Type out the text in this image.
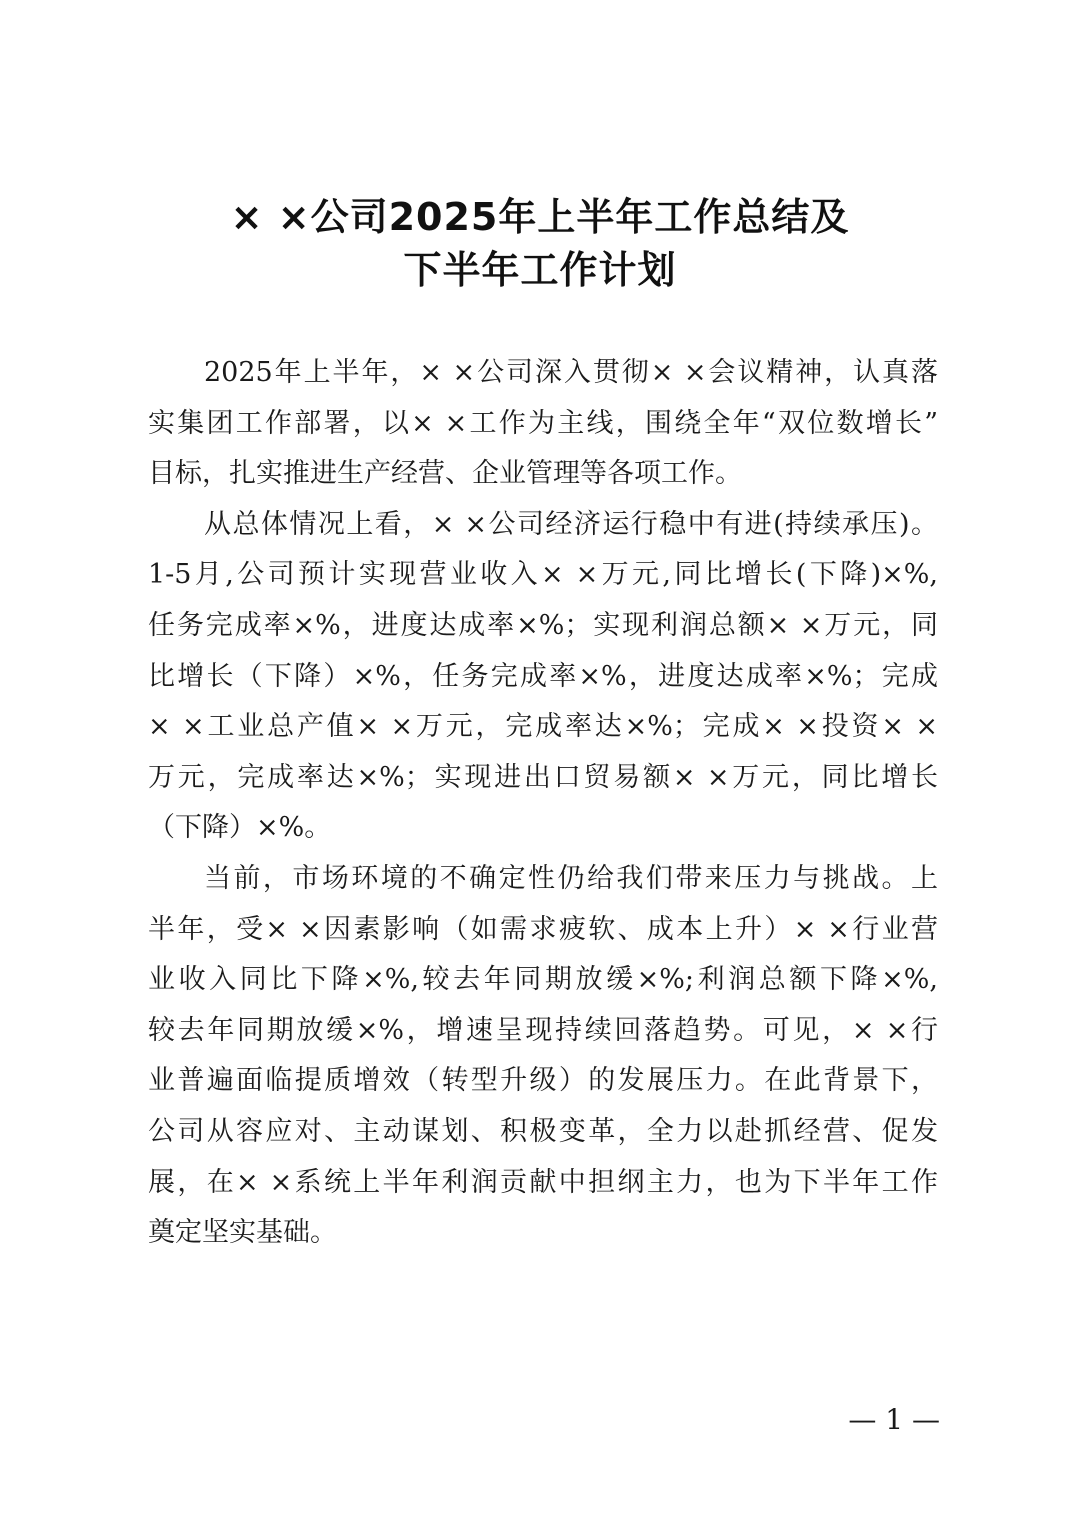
× ×公司2025年上半年工作总结及
下半年工作计划
2025年上半年，× ×公司深入贯彻× ×会议精神，认真落
实集团工作部署，以× ×工作为主线，围绕全年“双位数增长”
目标，扎实推进生产经营、企业管理等各项工作。
从总体情况上看，× ×公司经济运行稳中有进(持续承压)。
1-5月,公司预计实现营业收入× ×万元,同比增长(下降)×%,
任务完成率×%，进度达成率×%；实现利润总额× ×万元，同
比增长（下降）×%，任务完成率×%，进度达成率×%；完成
× ×工业总产值× ×万元，完成率达×%；完成× ×投资× ×
万元，完成率达×%；实现进出口贸易额× ×万元，同比增长
（下降）×%。
当前，市场环境的不确定性仍给我们带来压力与挑战。上
半年，受× ×因素影响（如需求疲软、成本上升）× ×行业营
业收入同比下降×%,较去年同期放缓×%;利润总额下降×%,
较去年同期放缓×%，增速呈现持续回落趋势。可见，× ×行
业普遍面临提质增效（转型升级）的发展压力。在此背景下，
公司从容应对、主动谋划、积极变革，全力以赴抓经营、促发
展，在× ×系统上半年利润贡献中担纲主力，也为下半年工作
奠定坚实基础。
— 1 —
